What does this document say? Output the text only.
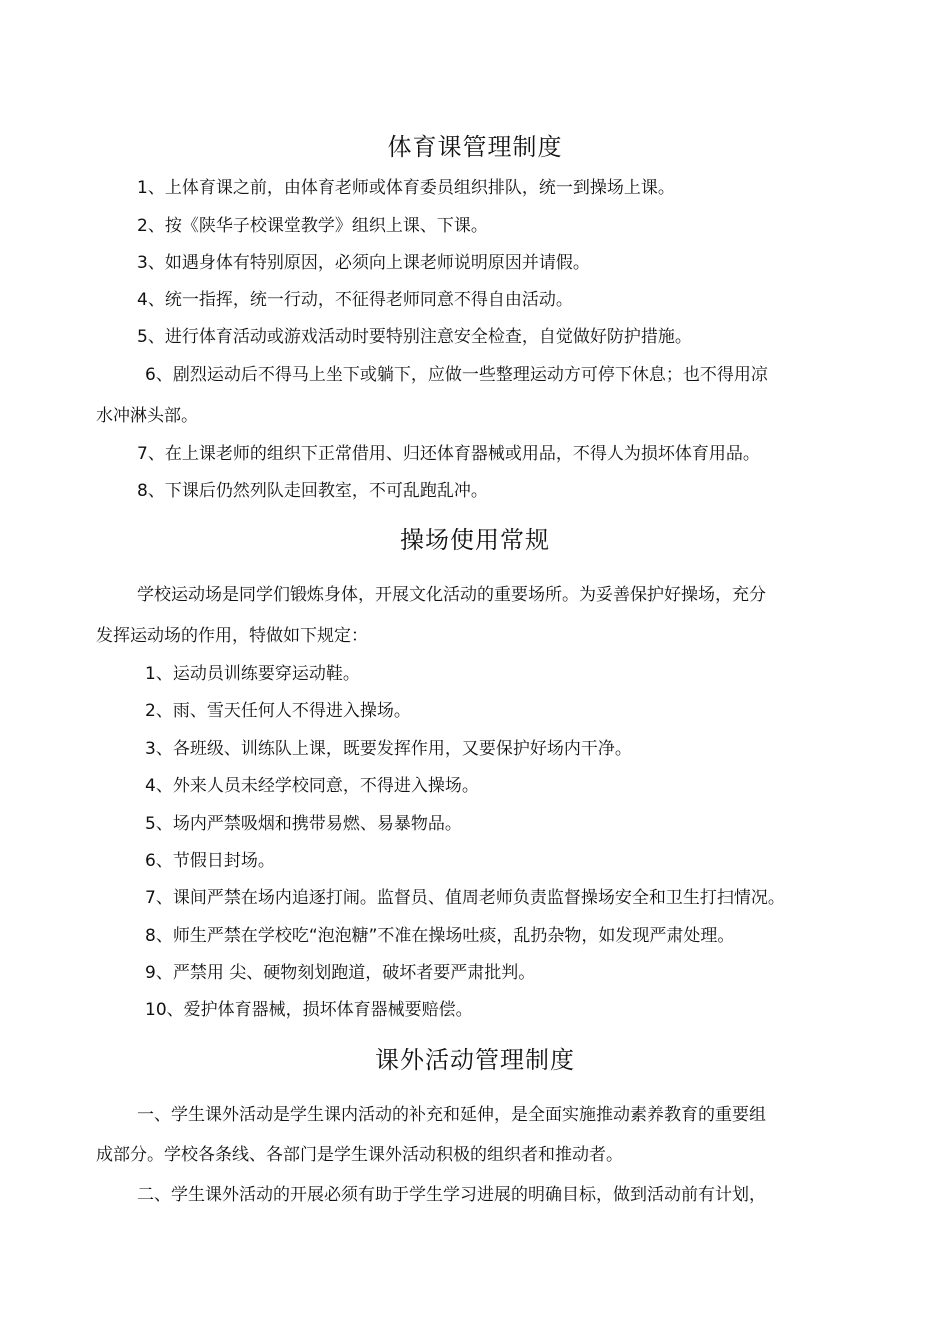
体育课管理制度
1、上体育课之前，由体育老师或体育委员组织排队，统一到操场上课。
2、按《陕华子校课堂教学》组织上课、下课。
3、如遇身体有特别原因，必须向上课老师说明原因并请假。
4、统一指挥，统一行动，不征得老师同意不得自由活动。
5、进行体育活动或游戏活动时要特别注意安全检查，自觉做好防护措施。
6、剧烈运动后不得马上坐下或躺下，应做一些整理运动方可停下休息；也不得用凉
水冲淋头部。
7、在上课老师的组织下正常借用、归还体育器械或用品，不得人为损坏体育用品。
8、下课后仍然列队走回教室，不可乱跑乱冲。
操场使用常规
学校运动场是同学们锻炼身体，开展文化活动的重要场所。为妥善保护好操场，充分
发挥运动场的作用，特做如下规定：
1、运动员训练要穿运动鞋。
2、雨、雪天任何人不得进入操场。
3、各班级、训练队上课，既要发挥作用，又要保护好场内干净。
4、外来人员未经学校同意，不得进入操场。
5、场内严禁吸烟和携带易燃、易暴物品。
6、节假日封场。
7、课间严禁在场内追逐打闹。监督员、值周老师负责监督操场安全和卫生打扫情况。
8、师生严禁在学校吃“泡泡糖”不准在操场吐痰，乱扔杂物，如发现严肃处理。
9、严禁用 尖、硬物刻划跑道，破坏者要严肃批判。
10、爱护体育器械，损坏体育器械要赔偿。
课外活动管理制度
一、学生课外活动是学生课内活动的补充和延伸，是全面实施推动素养教育的重要组
成部分。学校各条线、各部门是学生课外活动积极的组织者和推动者。
二、学生课外活动的开展必须有助于学生学习进展的明确目标，做到活动前有计划，
